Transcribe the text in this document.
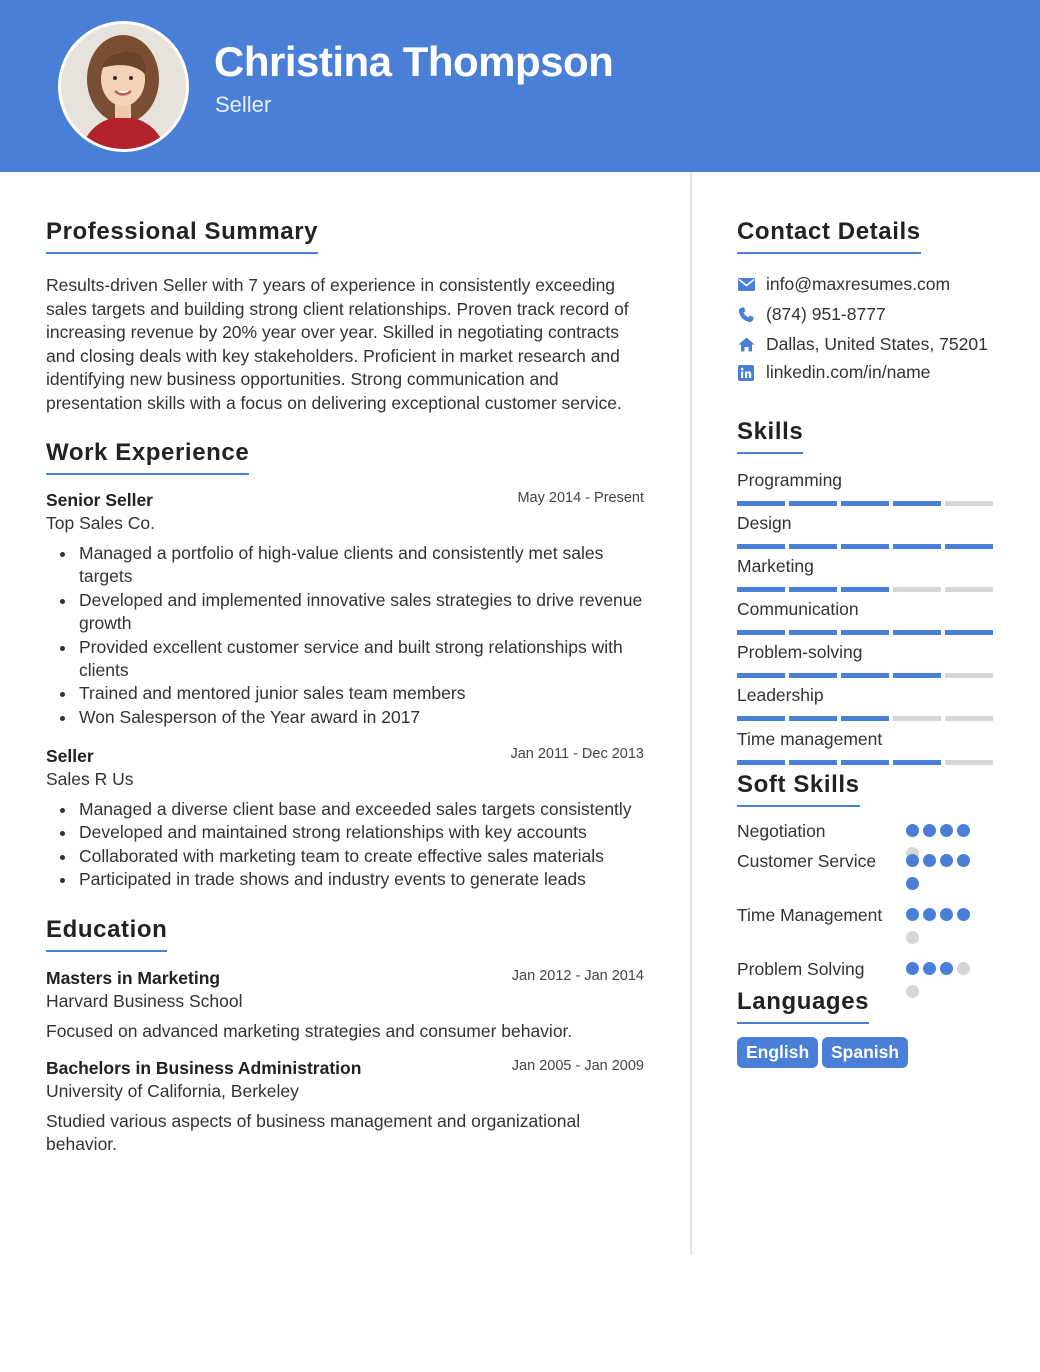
Christina Thompson
Seller
Professional Summary
Results-driven Seller with 7 years of experience in consistently exceeding sales targets and building strong client relationships. Proven track record of increasing revenue by 20% year over year. Skilled in negotiating contracts and closing deals with key stakeholders. Proficient in market research and identifying new business opportunities. Strong communication and presentation skills with a focus on delivering exceptional customer service.
Work Experience
Senior Seller	May 2014 - Present
Top Sales Co.
Managed a portfolio of high-value clients and consistently met sales targets
Developed and implemented innovative sales strategies to drive revenue growth
Provided excellent customer service and built strong relationships with clients
Trained and mentored junior sales team members
Won Salesperson of the Year award in 2017
Seller	Jan 2011 - Dec 2013
Sales R Us
Managed a diverse client base and exceeded sales targets consistently
Developed and maintained strong relationships with key accounts
Collaborated with marketing team to create effective sales materials
Participated in trade shows and industry events to generate leads
Education
Masters in Marketing	Jan 2012 - Jan 2014
Harvard Business School
Focused on advanced marketing strategies and consumer behavior.
Bachelors in Business Administration	Jan 2005 - Jan 2009
University of California, Berkeley
Studied various aspects of business management and organizational behavior.
Contact Details
info@maxresumes.com
(874) 951-8777
Dallas, United States, 75201
linkedin.com/in/name
Skills
Programming
Design
Marketing
Communication
Problem-solving
Leadership
Time management
Soft Skills
Negotiation
Customer Service
Time Management
Problem Solving
Languages
English	Spanish
